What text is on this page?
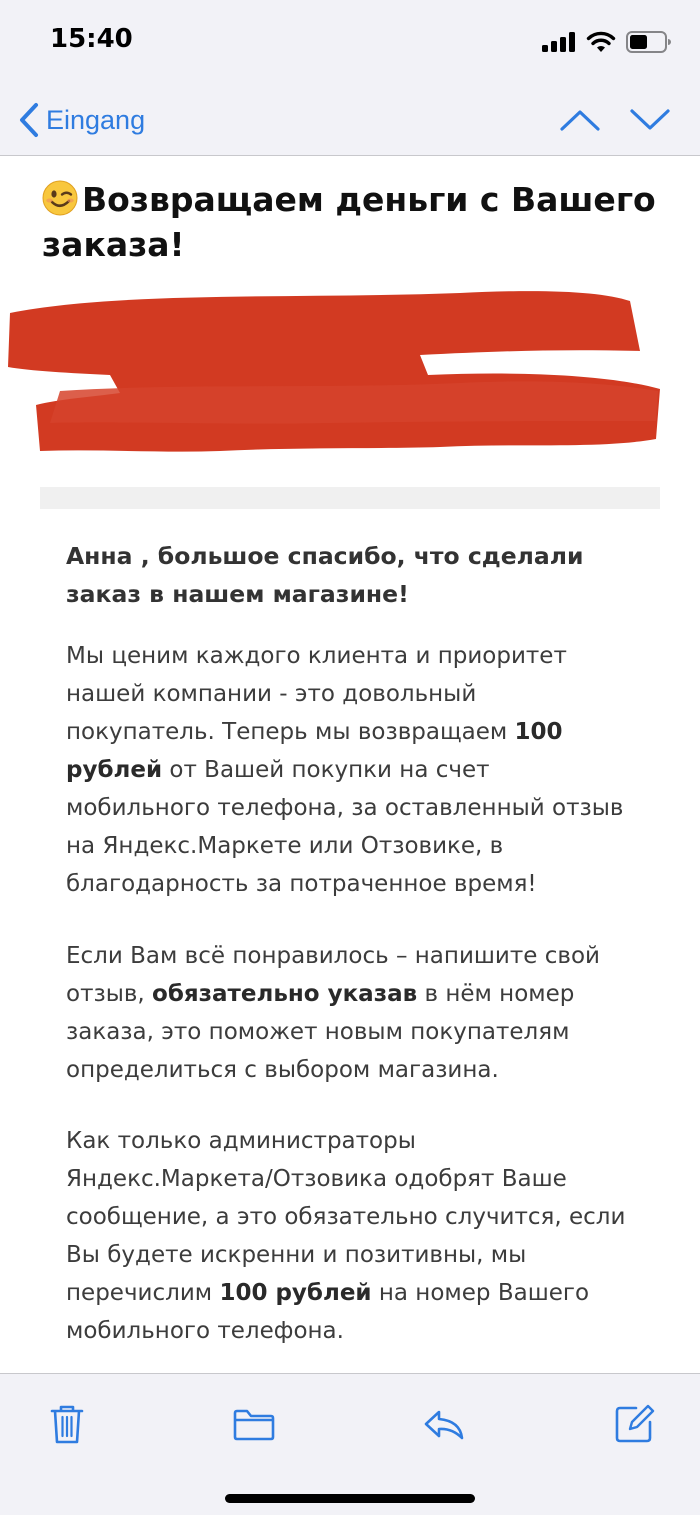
15:40
Eingang
Возвращаем деньги с Вашего заказа!
Анна , большое спасибо, что сделали заказ в нашем магазине!
Мы ценим каждого клиента и приоритет нашей компании - это довольный покупатель. Теперь мы возвращаем 100 рублей от Вашей покупки на счет мобильного телефона, за оставленный отзыв на Яндекс.Маркете или Отзовике, в благодарность за потраченное время!
Если Вам всё понравилось – напишите свой отзыв, обязательно указав в нём номер заказа, это поможет новым покупателям определиться с выбором магазина.
Как только администраторы Яндекс.Маркета/Отзовика одобрят Ваше сообщение, а это обязательно случится, если Вы будете искренни и позитивны, мы перечислим 100 рублей на номер Вашего мобильного телефона.
